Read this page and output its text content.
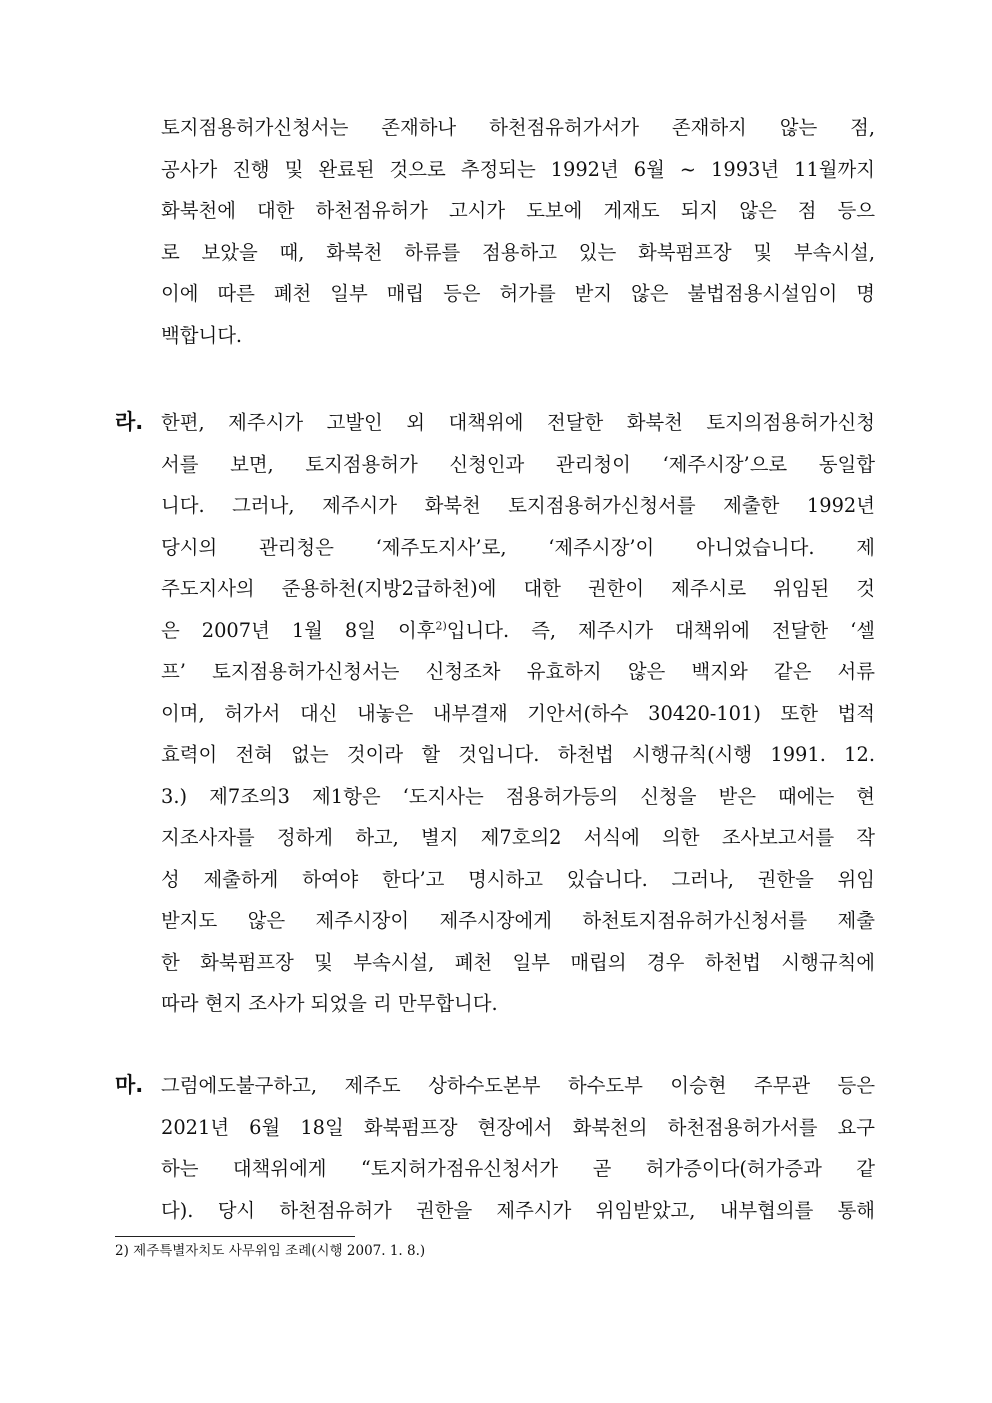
토지점용허가신청서는 존재하나 하천점유허가서가 존재하지 않는 점,
공사가 진행 및 완료된 것으로 추정되는 1992년 6월 ~ 1993년 11월까지
화북천에 대한 하천점유허가 고시가 도보에 게재도 되지 않은 점 등으
로 보았을 때, 화북천 하류를 점용하고 있는 화북펌프장 및 부속시설,
이에 따른 폐천 일부 매립 등은 허가를 받지 않은 불법점용시설임이 명
백합니다.
라. 한편, 제주시가 고발인 외 대책위에 전달한 화북천 토지의점용허가신청
서를 보면, 토지점용허가 신청인과 관리청이 ‘제주시장’으로 동일합
니다. 그러나, 제주시가 화북천 토지점용허가신청서를 제출한 1992년
당시의 관리청은 ‘제주도지사’로, ‘제주시장’이 아니었습니다. 제
주도지사의 준용하천(지방2급하천)에 대한 권한이 제주시로 위임된 것
은 2007년 1월 8일 이후$^{2)}$입니다. 즉, 제주시가 대책위에 전달한 ‘셀
프’ 토지점용허가신청서는 신청조차 유효하지 않은 백지와 같은 서류
이며, 허가서 대신 내놓은 내부결재 기안서(하수 30420-101) 또한 법적
효력이 전혀 없는 것이라 할 것입니다. 하천법 시행규칙(시행 1991. 12.
3.) 제7조의3 제1항은 ‘도지사는 점용허가등의 신청을 받은 때에는 현
지조사자를 정하게 하고, 별지 제7호의2 서식에 의한 조사보고서를 작
성 제출하게 하여야 한다’고 명시하고 있습니다. 그러나, 권한을 위임
받지도 않은 제주시장이 제주시장에게 하천토지점유허가신청서를 제출
한 화북펌프장 및 부속시설, 폐천 일부 매립의 경우 하천법 시행규칙에
따라 현지 조사가 되었을 리 만무합니다.
마. 그럼에도불구하고, 제주도 상하수도본부 하수도부 이승현 주무관 등은
2021년 6월 18일 화북펌프장 현장에서 화북천의 하천점용허가서를 요구
하는 대책위에게 “토지허가점유신청서가 곧 허가증이다(허가증과 같
다). 당시 하천점유허가 권한을 제주시가 위임받았고, 내부협의를 통해
2) 제주특별자치도 사무위임 조례(시행 2007. 1. 8.)
